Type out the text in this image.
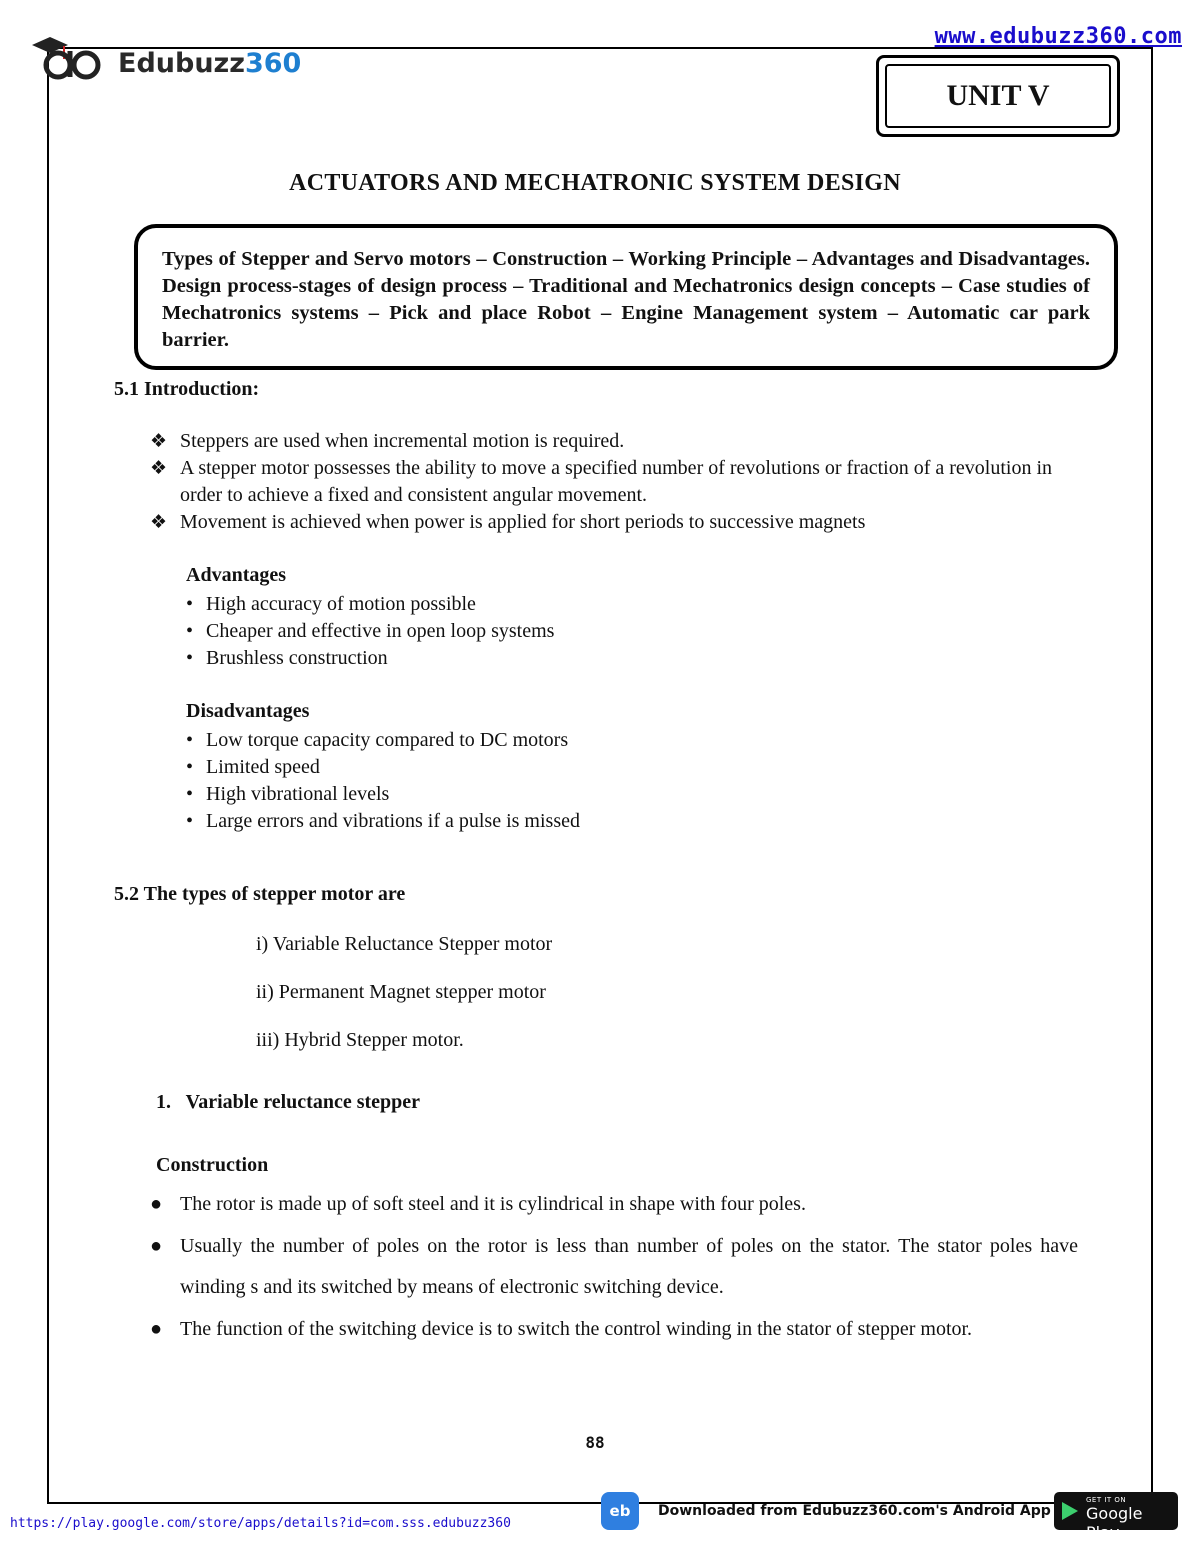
www.edubuzz360.com
Edubuzz360
UNIT V
ACTUATORS AND MECHATRONIC SYSTEM DESIGN
Types of Stepper and Servo motors – Construction – Working Principle – Advantages and Disadvantages. Design process-stages of design process – Traditional and Mechatronics design concepts – Case studies of Mechatronics systems – Pick and place Robot – Engine Management system – Automatic car park barrier.
5.1 Introduction:
❖ Steppers are used when incremental motion is required.
❖ A stepper motor possesses the ability to move a specified number of revolutions or fraction of a revolution in order to achieve a fixed and consistent angular movement.
❖ Movement is achieved when power is applied for short periods to successive magnets
Advantages
• High accuracy of motion possible
• Cheaper and effective in open loop systems
• Brushless construction
Disadvantages
• Low torque capacity compared to DC motors
• Limited speed
• High vibrational levels
• Large errors and vibrations if a pulse is missed
5.2 The types of stepper motor are
i) Variable Reluctance Stepper motor
ii) Permanent Magnet stepper motor
iii) Hybrid Stepper motor.
1.   Variable reluctance stepper
Construction
● The rotor is made up of soft steel and it is cylindrical in shape with four poles.
● Usually the number of poles on the rotor is less than number of poles on the stator. The stator poles have winding s and its switched by means of electronic switching device.
● The function of the switching device is to switch the control winding in the stator of stepper motor.
88
https://play.google.com/store/apps/details?id=com.sss.edubuzz360
eb	Downloaded from Edubuzz360.com's Android App
GET IT ON
Google Play
